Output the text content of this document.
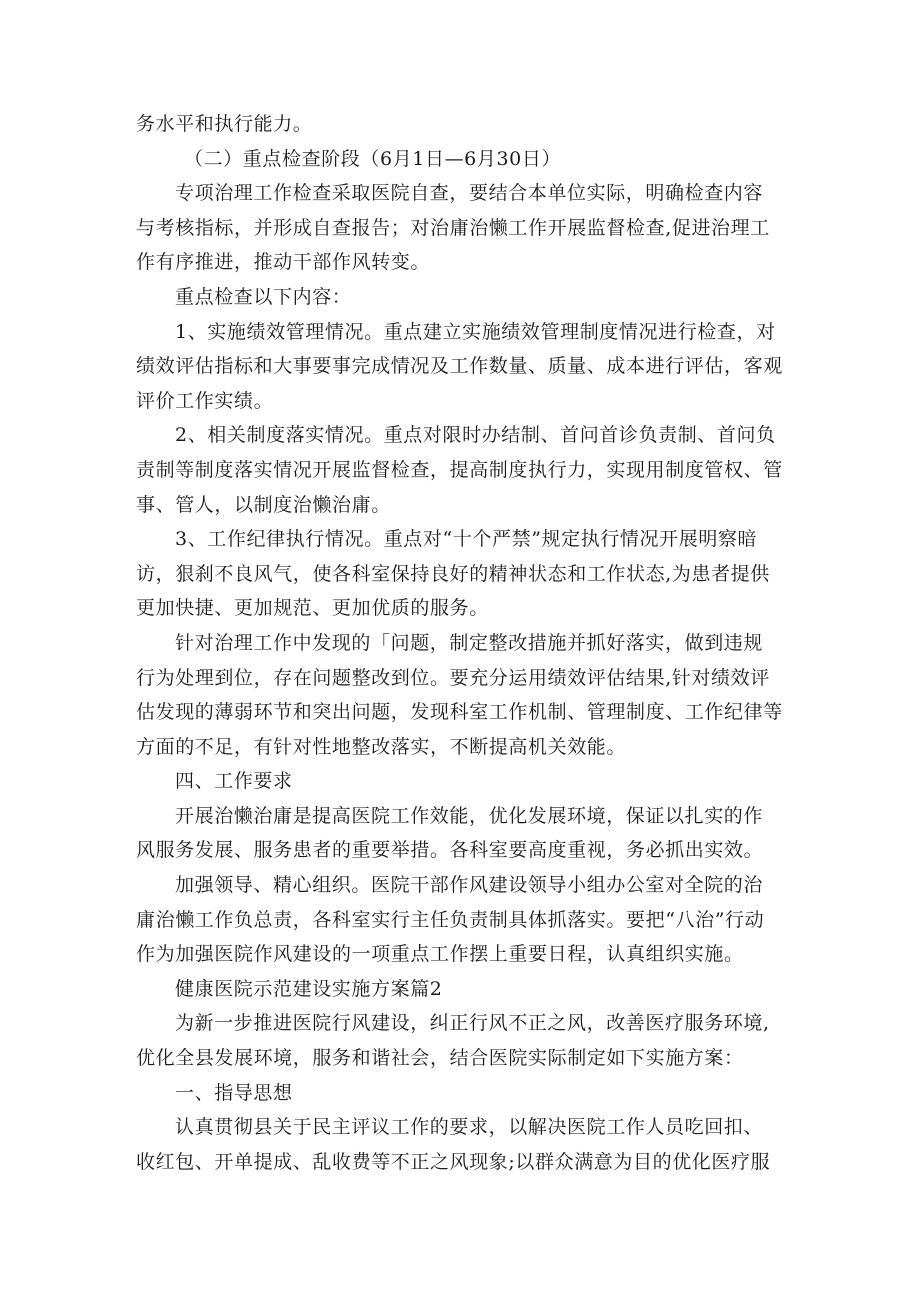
务水平和执行能力。
（二）重点检查阶段（6月1日—6月30日）
专项治理工作检查采取医院自查，要结合本单位实际，明确检查内容
与考核指标，并形成自查报告；对治庸治懒工作开展监督检查,促进治理工
作有序推进，推动干部作风转变。
重点检查以下内容：
1、实施绩效管理情况。重点建立实施绩效管理制度情况进行检查，对
绩效评估指标和大事要事完成情况及工作数量、质量、成本进行评估，客观
评价工作实绩。
2、相关制度落实情况。重点对限时办结制、首问首诊负责制、首问负
责制等制度落实情况开展监督检查，提高制度执行力，实现用制度管权、管
事、管人，以制度治懒治庸。
3、工作纪律执行情况。重点对“十个严禁”规定执行情况开展明察暗
访，狠刹不良风气，使各科室保持良好的精神状态和工作状态,为患者提供
更加快捷、更加规范、更加优质的服务。
针对治理工作中发现的「问题，制定整改措施并抓好落实，做到违规
行为处理到位，存在问题整改到位。要充分运用绩效评估结果,针对绩效评
估发现的薄弱环节和突出问题，发现科室工作机制、管理制度、工作纪律等
方面的不足，有针对性地整改落实，不断提高机关效能。
四、工作要求
开展治懒治庸是提高医院工作效能，优化发展环境，保证以扎实的作
风服务发展、服务患者的重要举措。各科室要高度重视，务必抓出实效。
加强领导、精心组织。医院干部作风建设领导小组办公室对全院的治
庸治懒工作负总责，各科室实行主任负责制具体抓落实。要把“八治”行动
作为加强医院作风建设的一项重点工作摆上重要日程，认真组织实施。
健康医院示范建设实施方案篇2
为新一步推进医院行风建设，纠正行风不正之风，改善医疗服务环境,
优化全县发展环境，服务和谐社会，结合医院实际制定如下实施方案：
一、指导思想
认真贯彻县关于民主评议工作的要求，以解决医院工作人员吃回扣、
收红包、开单提成、乱收费等不正之风现象;以群众满意为目的优化医疗服
